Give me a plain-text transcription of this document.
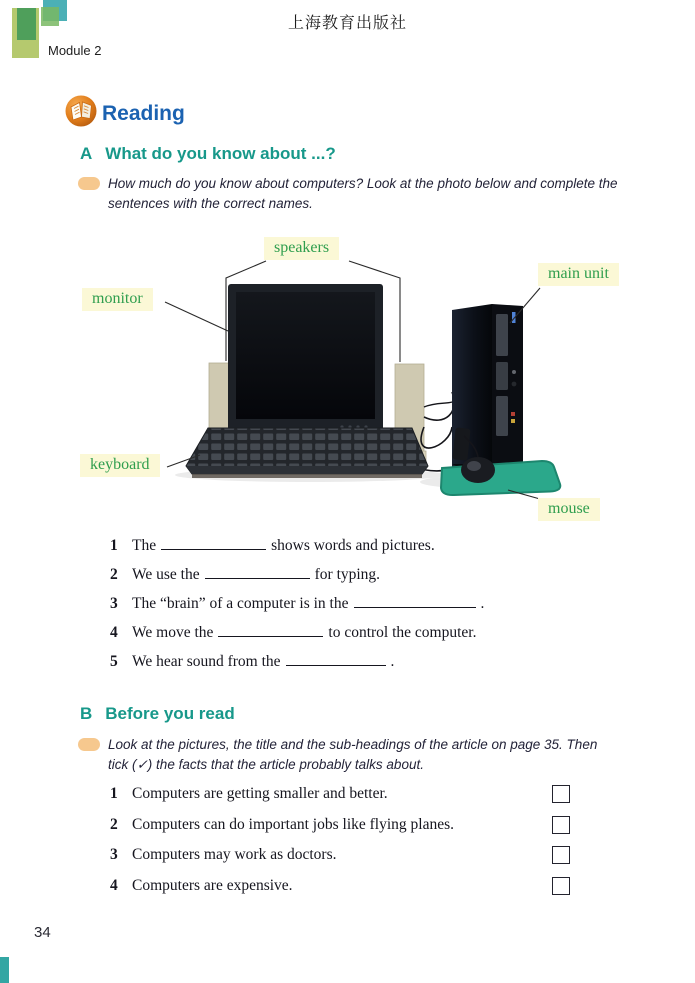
上海教育出版社
Module 2
Reading
A What do you know about ...?
How much do you know about computers? Look at the photo below and complete the sentences with the correct names.
speakers
main unit
monitor
keyboard
mouse
1 The	shows words and pictures.
2 We use the	for typing.
3 The “brain” of a computer is in the	.
4 We move the	to control the computer.
5 We hear sound from the	.
B Before you read
Look at the pictures, the title and the sub-headings of the article on page 35. Then tick (✓) the facts that the article probably talks about.
1 Computers are getting smaller and better.
2 Computers can do important jobs like flying planes.
3 Computers may work as doctors.
4 Computers are expensive.
34
